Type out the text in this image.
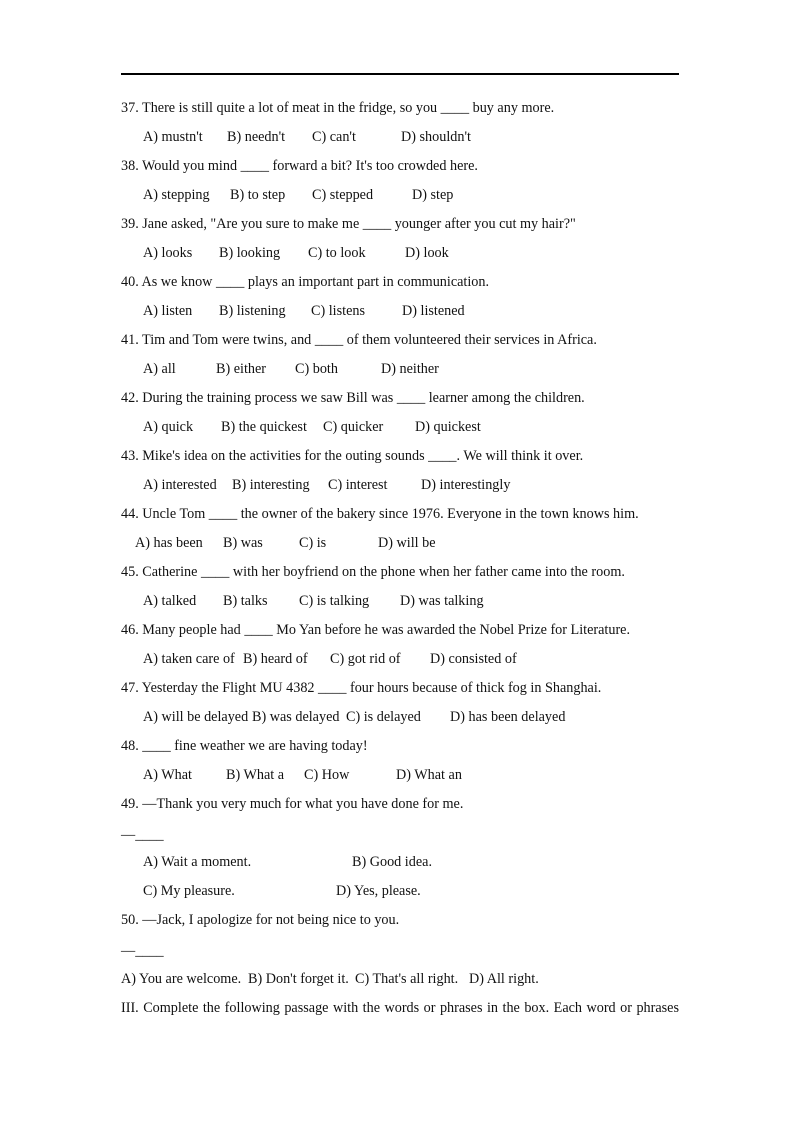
37. There is still quite a lot of meat in the fridge, so you ____ buy any more.
A) mustn't B) needn't C) can't	D) shouldn't
38. Would you mind ____ forward a bit? It's too crowded here.
A) stepping B) to step C) stepped	D) step
39. Jane asked, "Are you sure to make me ____ younger after you cut my hair?"
A) looks B) looking C) to look	D) look
40. As we know ____ plays an important part in communication.
A) listen B) listening C) listens	D) listened
41. Tim and Tom were twins, and ____ of them volunteered their services in Africa.
A) all	B) either C) both	D) neither
42. During the training process we saw Bill was ____ learner among the children.
A) quick B) the quickest C) quicker D) quickest
43. Mike's idea on the activities for the outing sounds ____. We will think it over.
A) interested B) interesting C) interest D) interestingly
44. Uncle Tom ____ the owner of the bakery since 1976. Everyone in the town knows him.
A) has been B) was	C) is	D) will be
45. Catherine ____ with her boyfriend on the phone when her father came into the room.
A) talked B) talks C) is talking D) was talking
46. Many people had ____ Mo Yan before he was awarded the Nobel Prize for Literature.
A) taken care of B) heard of C) got rid of D) consisted of
47. Yesterday the Flight MU 4382 ____ four hours because of thick fog in Shanghai.
A) will be delayed B) was delayed C) is delayed D) has been delayed
48. ____ fine weather we are having today!
A) What B) What a C) How	D) What an
49. —Thank you very much for what you have done for me.
—____
A) Wait a moment.	B) Good idea.
C) My pleasure.	D) Yes, please.
50. —Jack, I apologize for not being nice to you.
—____
A) You are welcome. B) Don't forget it. C) That's all right. D) All right.
III. Complete the following passage with the words or phrases in the box. Each word or phrases
